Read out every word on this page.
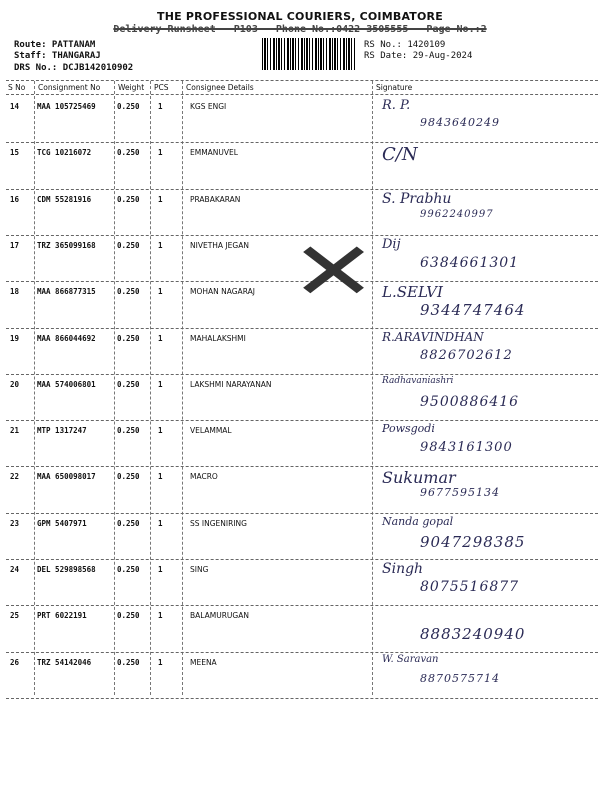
THE PROFESSIONAL COURIERS, COIMBATORE
Delivery Runsheet - P103 - Phone No.:0422-3505555 - Page No.:2
Route: PATTANAM
Staff: THANGARAJ
DRS No.: DCJB142010902
RS No.: 1420109
RS Date: 29-Aug-2024
S No Consignment No Weight PCS Consignee Details	Signature
14 MAA 105725469	0.250 1	KGS ENGI	R. P.
9843640249
15 TCG 10216072	0.250 1	EMMANUVEL	C/N
16 CDM 55281916	0.250 1	PRABAKARAN	S. Prabhu
9962240997
17 TRZ 365099168	0.250 1	NIVETHA JEGAN	Dij
6384661301
18 MAA 866877315	0.250 1	MOHAN NAGARAJ	L.SELVI
9344747464
19 MAA 866044692	0.250 1	MAHALAKSHMI	R.ARAVINDHAN
8826702612
20 MAA 574006801	0.250 1	LAKSHMI NARAYANAN	Radhavaniashri
9500886416
21 MTP 1317247	0.250 1	VELAMMAL	Powsgodi
9843161300
22 MAA 650098017	0.250 1	MACRO	Sukumar
9677595134
23 GPM 5407971	0.250 1	SS INGENIRING	Nanda gopal
9047298385
24 DEL 529898568	0.250 1	SING	Singh
8075516877
25 PRT 6022191	0.250 1	BALAMURUGAN
8883240940
26 TRZ 54142046	0.250 1	MEENA	W. Saravan
8870575714
✕
